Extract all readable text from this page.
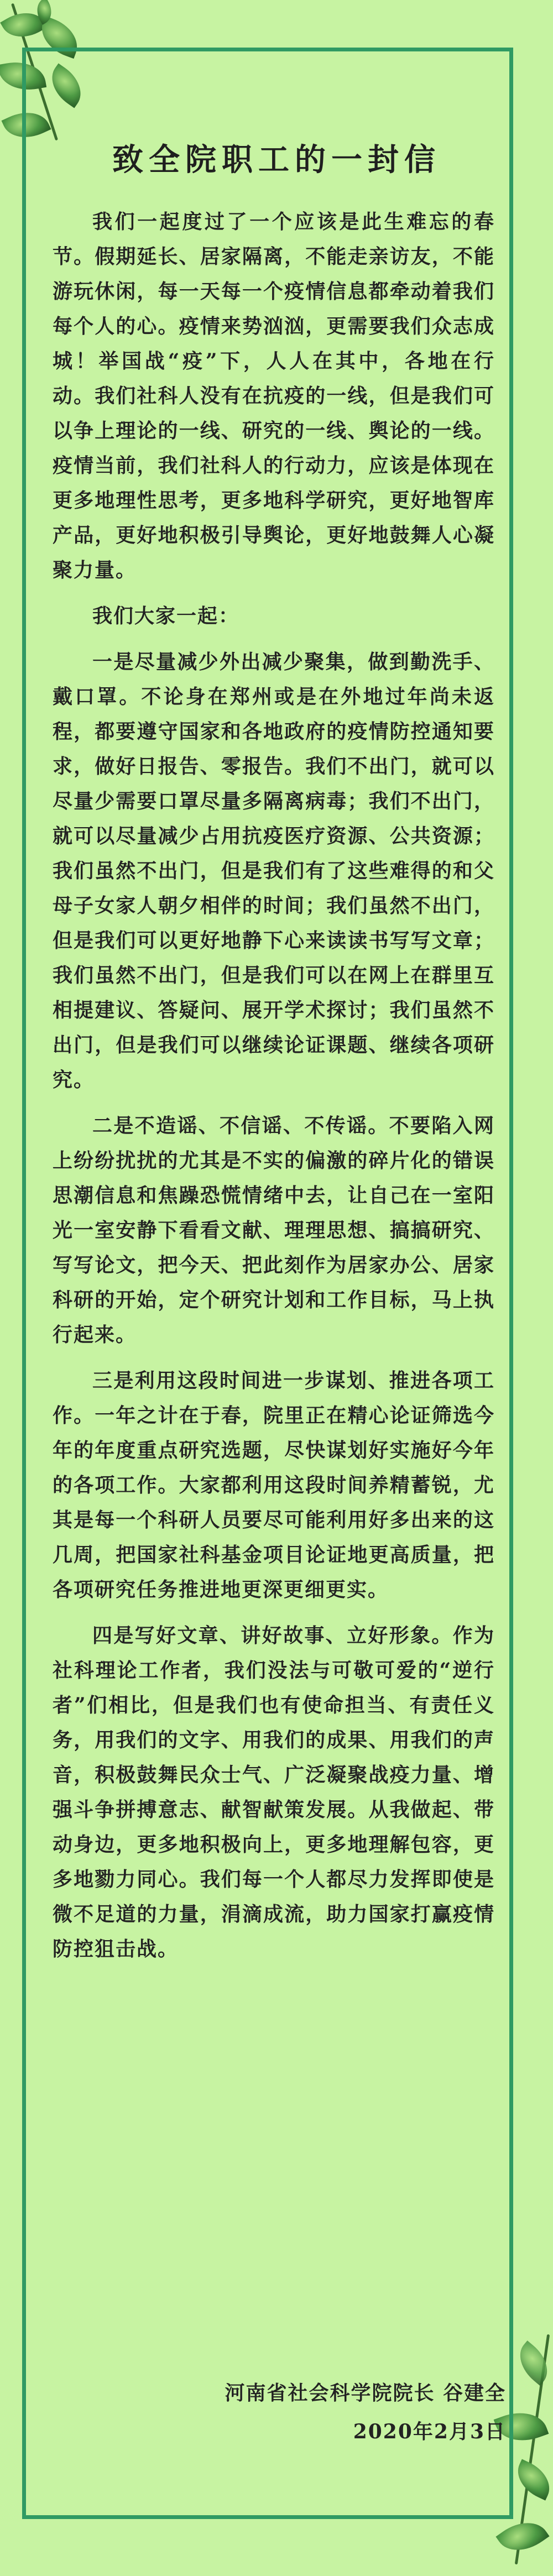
致全院职工的一封信

我们一起度过了一个应该是此生难忘的春节。假期延长、居家隔离，不能走亲访友，不能游玩休闲，每一天每一个疫情信息都牵动着我们每个人的心。疫情来势汹汹，更需要我们众志成城！举国战“疫”下，人人在其中，各地在行动。我们社科人没有在抗疫的一线，但是我们可以争上理论的一线、研究的一线、舆论的一线。疫情当前，我们社科人的行动力，应该是体现在更多地理性思考，更多地科学研究，更好地智库产品，更好地积极引导舆论，更好地鼓舞人心凝聚力量。

我们大家一起：

一是尽量减少外出减少聚集，做到勤洗手、戴口罩。不论身在郑州或是在外地过年尚未返程，都要遵守国家和各地政府的疫情防控通知要求，做好日报告、零报告。我们不出门，就可以尽量少需要口罩尽量多隔离病毒；我们不出门，就可以尽量减少占用抗疫医疗资源、公共资源；我们虽然不出门，但是我们有了这些难得的和父母子女家人朝夕相伴的时间；我们虽然不出门，但是我们可以更好地静下心来读读书写写文章；我们虽然不出门，但是我们可以在网上在群里互相提建议、答疑问、展开学术探讨；我们虽然不出门，但是我们可以继续论证课题、继续各项研究。

二是不造谣、不信谣、不传谣。不要陷入网上纷纷扰扰的尤其是不实的偏激的碎片化的错误思潮信息和焦躁恐慌情绪中去，让自己在一室阳光一室安静下看看文献、理理思想、搞搞研究、写写论文，把今天、把此刻作为居家办公、居家科研的开始，定个研究计划和工作目标，马上执行起来。

三是利用这段时间进一步谋划、推进各项工作。一年之计在于春，院里正在精心论证筛选今年的年度重点研究选题，尽快谋划好实施好今年的各项工作。大家都利用这段时间养精蓄锐，尤其是每一个科研人员要尽可能利用好多出来的这几周，把国家社科基金项目论证地更高质量，把各项研究任务推进地更深更细更实。

四是写好文章、讲好故事、立好形象。作为社科理论工作者，我们没法与可敬可爱的“逆行者”们相比，但是我们也有使命担当、有责任义务，用我们的文字、用我们的成果、用我们的声音，积极鼓舞民众士气、广泛凝聚战疫力量、增强斗争拼搏意志、献智献策发展。从我做起、带动身边，更多地积极向上，更多地理解包容，更多地勠力同心。我们每一个人都尽力发挥即使是微不足道的力量，涓滴成流，助力国家打赢疫情防控狙击战。

河南省社会科学院院长 谷建全
2020年2月3日
